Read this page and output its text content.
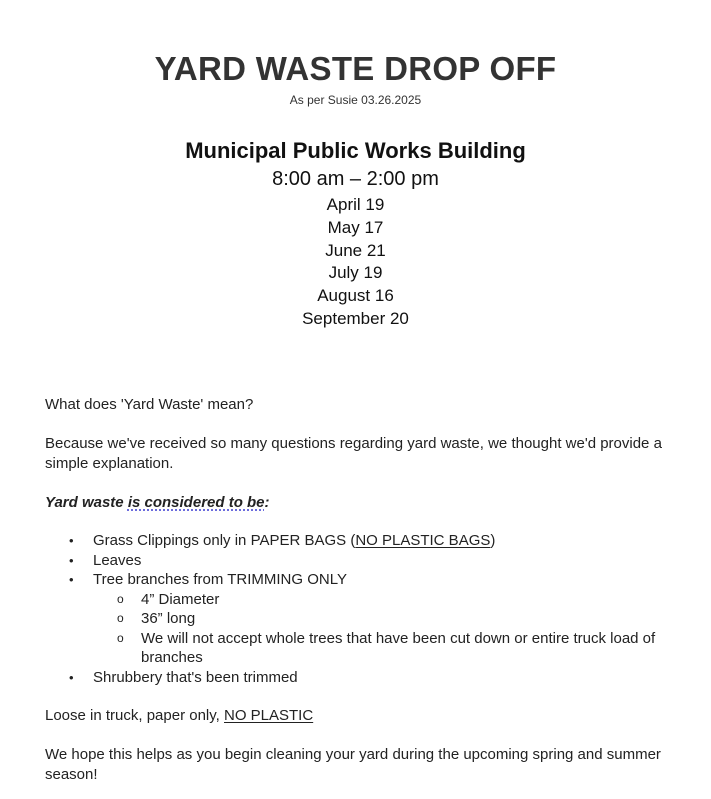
YARD WASTE DROP OFF
As per Susie 03.26.2025
Municipal Public Works Building
8:00 am – 2:00 pm
April 19
May 17
June 21
July 19
August 16
September 20
What does 'Yard Waste' mean?
Because we've received so many questions regarding yard waste, we thought we'd provide a simple explanation.
Yard waste is considered to be:
• Grass Clippings only in PAPER BAGS (NO PLASTIC BAGS)
• Leaves
• Tree branches from TRIMMING ONLY
o 4” Diameter
o 36” long
o We will not accept whole trees that have been cut down or entire truck load of branches
• Shrubbery that's been trimmed
Loose in truck, paper only, NO PLASTIC
We hope this helps as you begin cleaning your yard during the upcoming spring and summer season!
